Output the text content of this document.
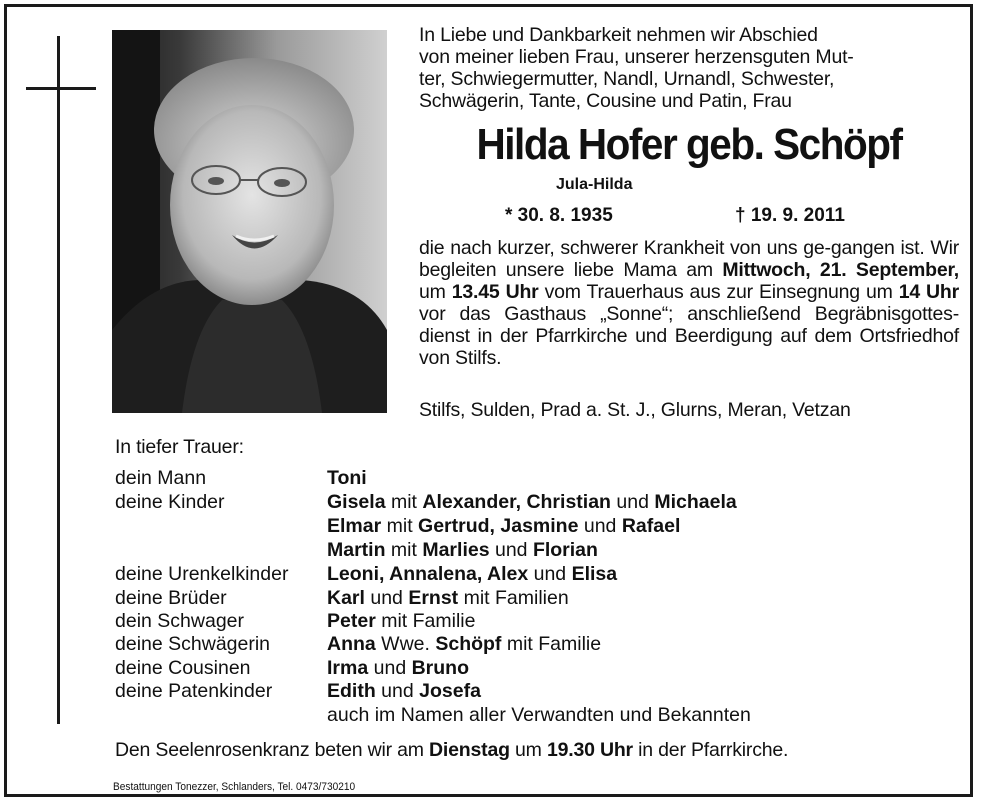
In Liebe und Dankbarkeit nehmen wir Abschied
von meiner lieben Frau, unserer herzensguten Mut-
ter, Schwiegermutter, Nandl, Urnandl, Schwester,
Schwägerin, Tante, Cousine und Patin, Frau
Hilda Hofer geb. Schöpf
Jula-Hilda
* 30. 8. 1935	† 19. 9. 2011
die nach kurzer, schwerer Krankheit von uns ge-gangen ist. Wir begleiten unsere liebe Mama am Mittwoch, 21. September, um 13.45 Uhr vom Trauerhaus aus zur Einsegnung um 14 Uhr vor das Gasthaus „Sonne“; anschließend Begräbnisgottes-dienst in der Pfarrkirche und Beerdigung auf dem Ortsfriedhof von Stilfs.
Stilfs, Sulden, Prad a. St. J., Glurns, Meran, Vetzan
In tiefer Trauer:
dein Mann	Toni
deine Kinder	Gisela mit Alexander, Christian und Michaela
Elmar mit Gertrud, Jasmine und Rafael
Martin mit Marlies und Florian
deine Urenkelkinder Leoni, Annalena, Alex und Elisa
deine Brüder	Karl und Ernst mit Familien
dein Schwager	Peter mit Familie
deine Schwägerin	Anna Wwe. Schöpf mit Familie
deine Cousinen	Irma und Bruno
deine Patenkinder	Edith und Josefa
auch im Namen aller Verwandten und Bekannten
Den Seelenrosenkranz beten wir am Dienstag um 19.30 Uhr in der Pfarrkirche.
Bestattungen Tonezzer, Schlanders, Tel. 0473/730210
